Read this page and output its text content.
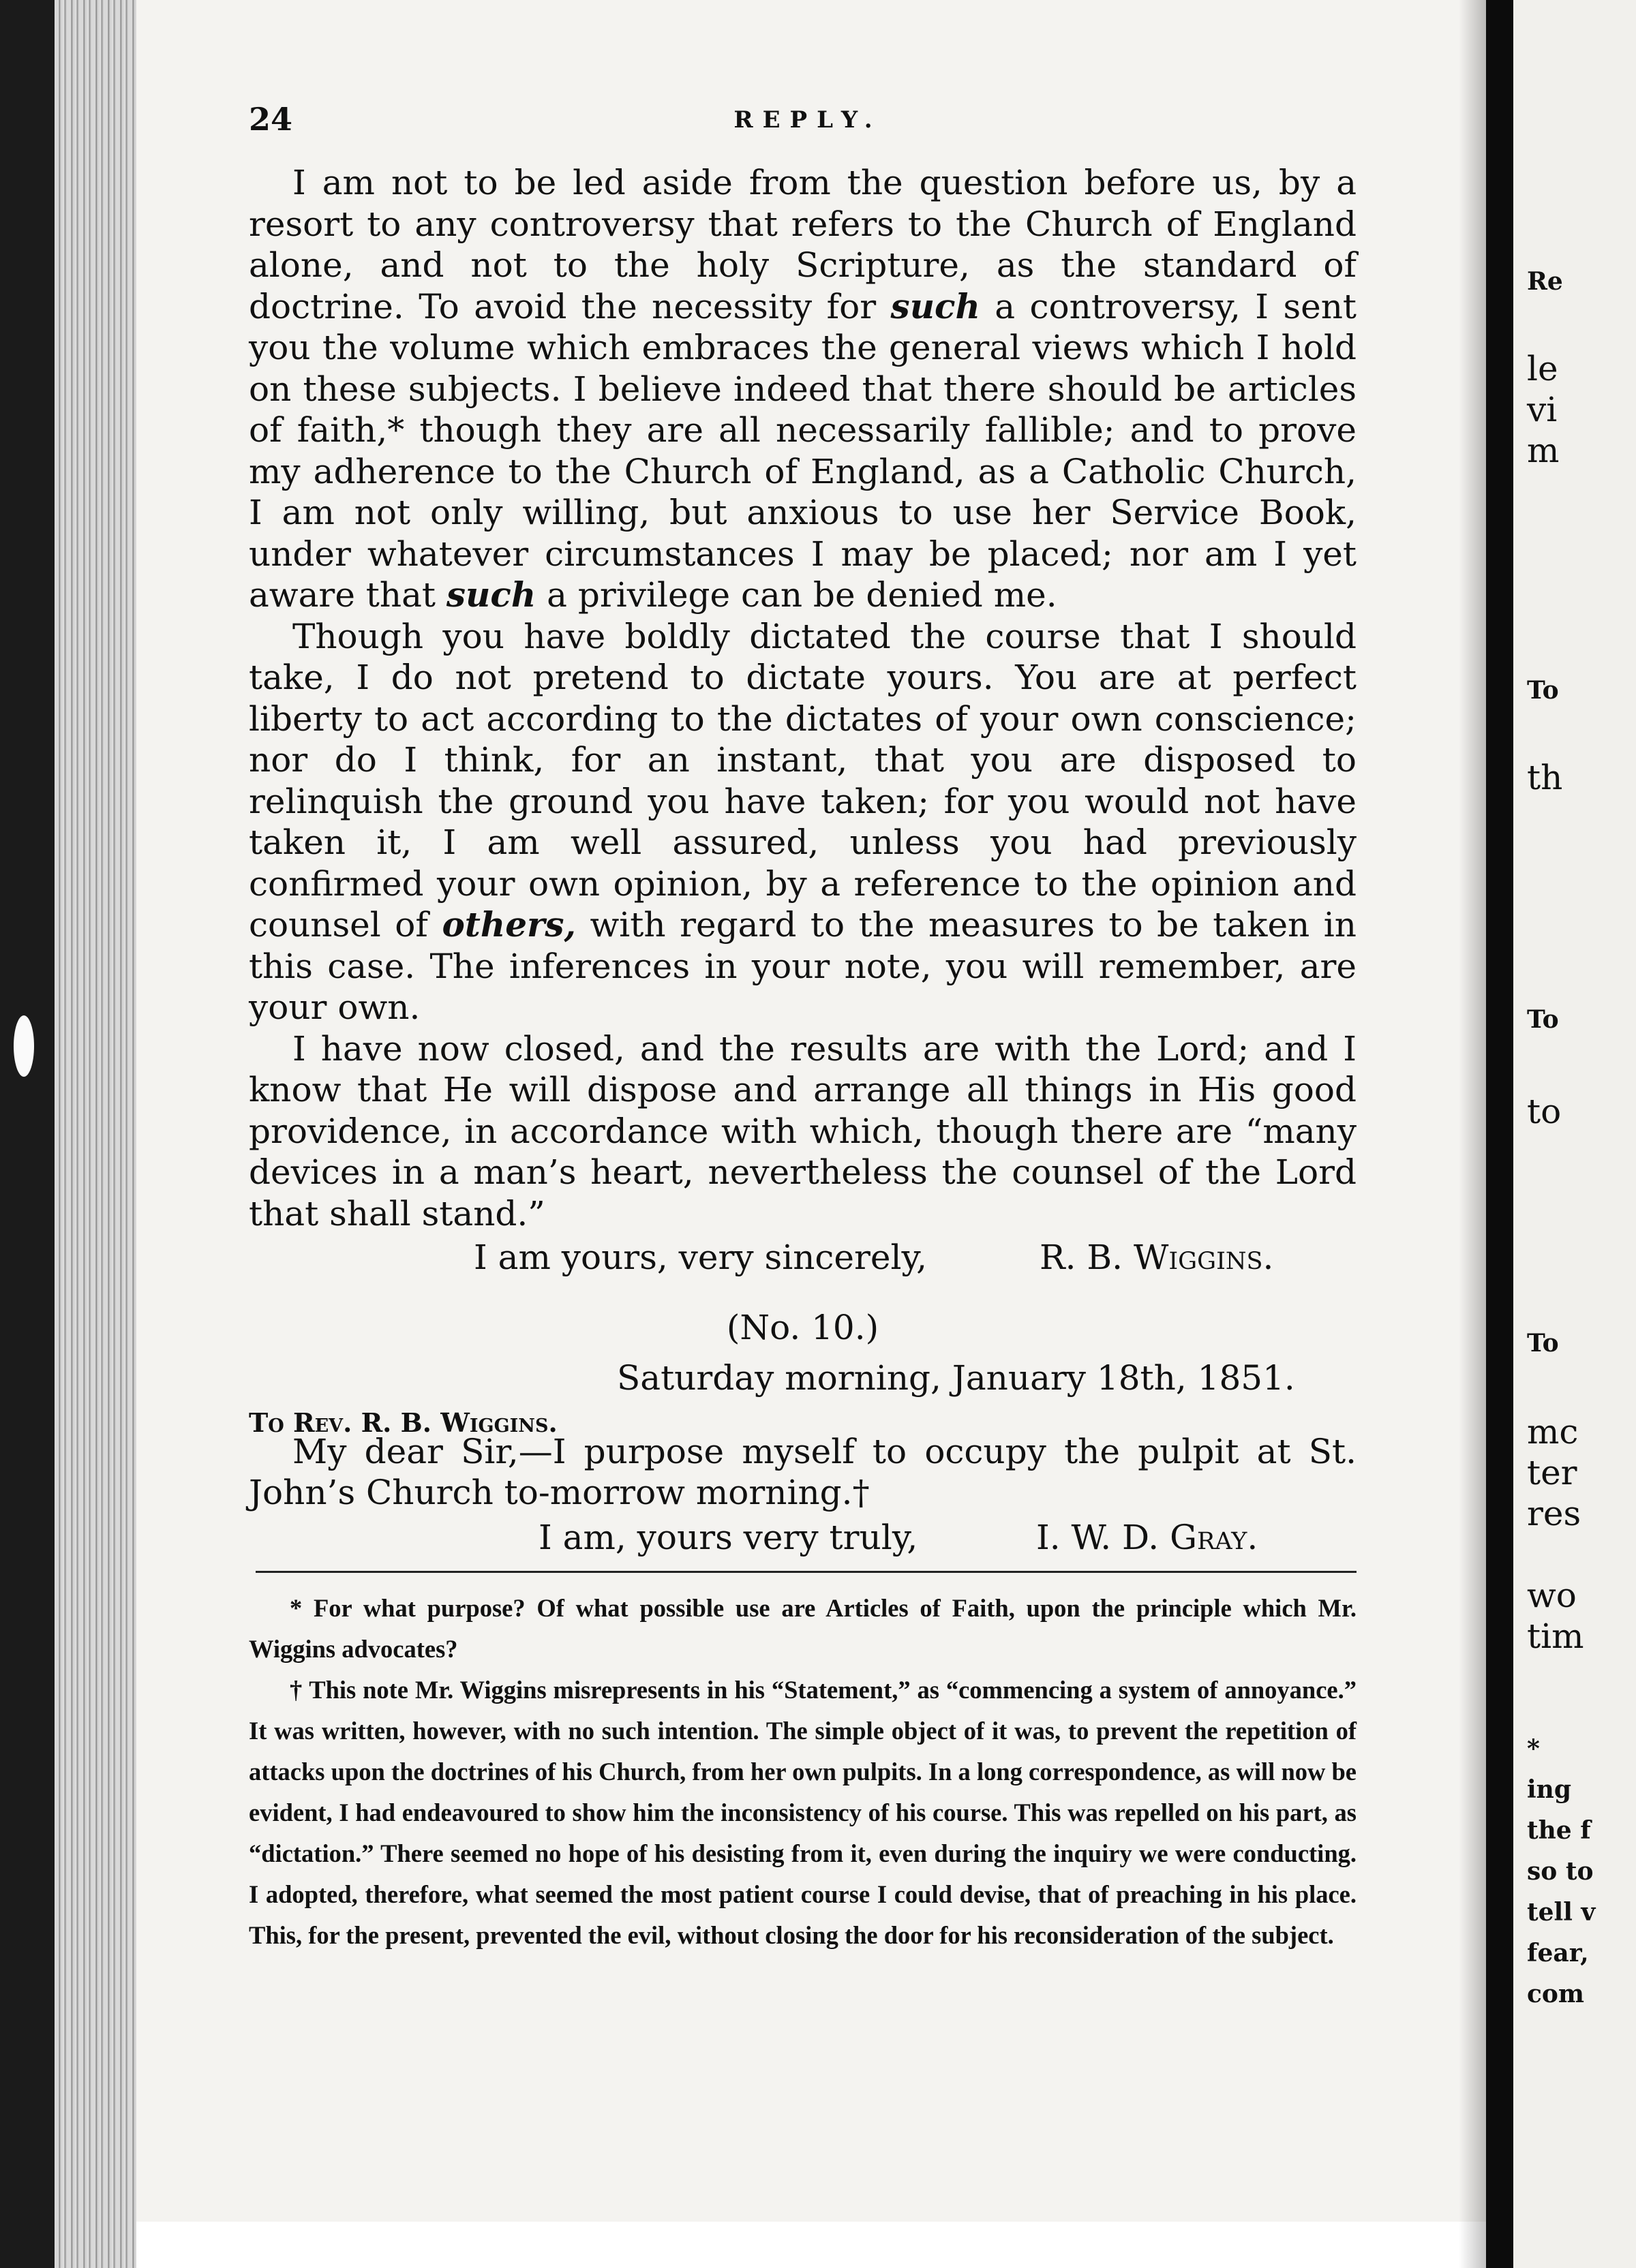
24	REPLY.

I am not to be led aside from the question before us, by a resort to any controversy that refers to the Church of England alone, and not to the holy Scripture, as the standard of doctrine. To avoid the necessity for such a controversy, I sent you the volume which embraces the general views which I hold on these subjects. I believe indeed that there should be articles of faith,* though they are all necessarily fallible; and to prove my adherence to the Church of England, as a Catholic Church, I am not only willing, but anxious to use her Service Book, under whatever circumstances I may be placed; nor am I yet aware that such a privilege can be denied me.

Though you have boldly dictated the course that I should take, I do not pretend to dictate yours. You are at perfect liberty to act according to the dictates of your own conscience; nor do I think, for an instant, that you are disposed to relinquish the ground you have taken; for you would not have taken it, I am well assured, unless you had previously confirmed your own opinion, by a reference to the opinion and counsel of others, with regard to the measures to be taken in this case. The inferences in your note, you will remember, are your own.

I have now closed, and the results are with the Lord; and I know that He will dispose and arrange all things in His good providence, in accordance with which, though there are “many devices in a man’s heart, nevertheless the counsel of the Lord that shall stand.”

I am yours, very sincerely,	R. B. Wiggins.
(No. 10.)
Saturday morning, January 18th, 1851.
To Rev. R. B. Wiggins.

My dear Sir,—I purpose myself to occupy the pulpit at St. John’s Church to-morrow morning.†

I am, yours very truly,	I. W. D. Gray.

* For what purpose? Of what possible use are Articles of Faith, upon the principle which Mr. Wiggins advocates?

† This note Mr. Wiggins misrepresents in his “Statement,” as “commencing a system of annoyance.” It was written, however, with no such intention. The simple object of it was, to prevent the repetition of attacks upon the doctrines of his Church, from her own pulpits. In a long correspondence, as will now be evident, I had endeavoured to show him the inconsistency of his course. This was repelled on his part, as “dictation.” There seemed no hope of his desisting from it, even during the inquiry we were conducting. I adopted, therefore, what seemed the most patient course I could devise, that of preaching in his place. This, for the present, prevented the evil, without closing the door for his reconsideration of the subject.

Re
le
vi
m
To
th
To
to
To
mc
ter
res
wo
tim
*
ing
the f
so to
tell v
fear,
com
